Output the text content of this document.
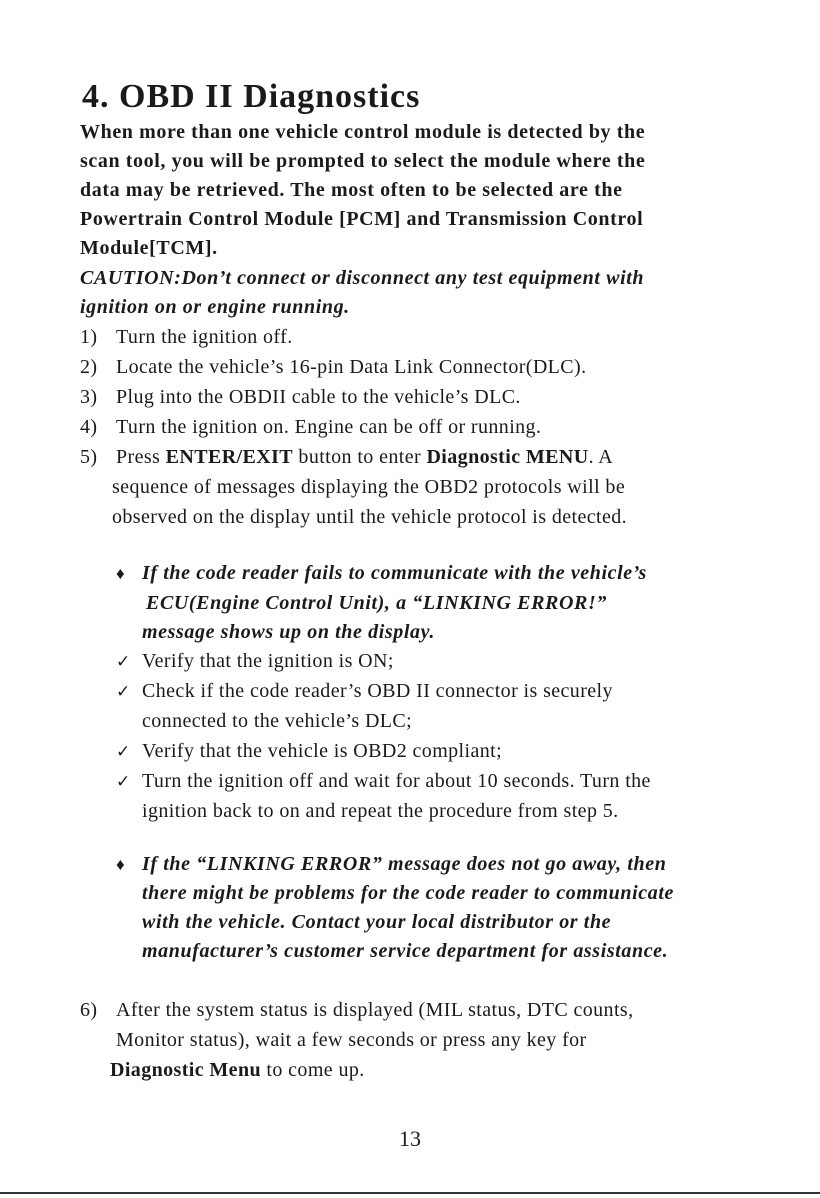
4. OBD II Diagnostics
When more than one vehicle control module is detected by the
scan tool, you will be prompted to select the module where the
data may be retrieved. The most often to be selected are the
Powertrain Control Module [PCM] and Transmission Control
Module[TCM].
CAUTION:Don’t connect or disconnect any test equipment with
ignition on or engine running.
1) Turn the ignition off.
2) Locate the vehicle’s 16-pin Data Link Connector(DLC).
3) Plug into the OBDII cable to the vehicle’s DLC.
4) Turn the ignition on. Engine can be off or running.
5) Press ENTER/EXIT button to enter Diagnostic MENU. A
sequence of messages displaying the OBD2 protocols will be
observed on the display until the vehicle protocol is detected.
♦ If the code reader fails to communicate with the vehicle’s
ECU(Engine Control Unit), a “LINKING ERROR!”
message shows up on the display.
✓ Verify that the ignition is ON;
✓ Check if the code reader’s OBD II connector is securely
connected to the vehicle’s DLC;
✓ Verify that the vehicle is OBD2 compliant;
✓ Turn the ignition off and wait for about 10 seconds. Turn the
ignition back to on and repeat the procedure from step 5.
♦ If the “LINKING ERROR” message does not go away, then
there might be problems for the code reader to communicate
with the vehicle. Contact your local distributor or the
manufacturer’s customer service department for assistance.
6) After the system status is displayed (MIL status, DTC counts,
Monitor status), wait a few seconds or press any key for
Diagnostic Menu to come up.
13
